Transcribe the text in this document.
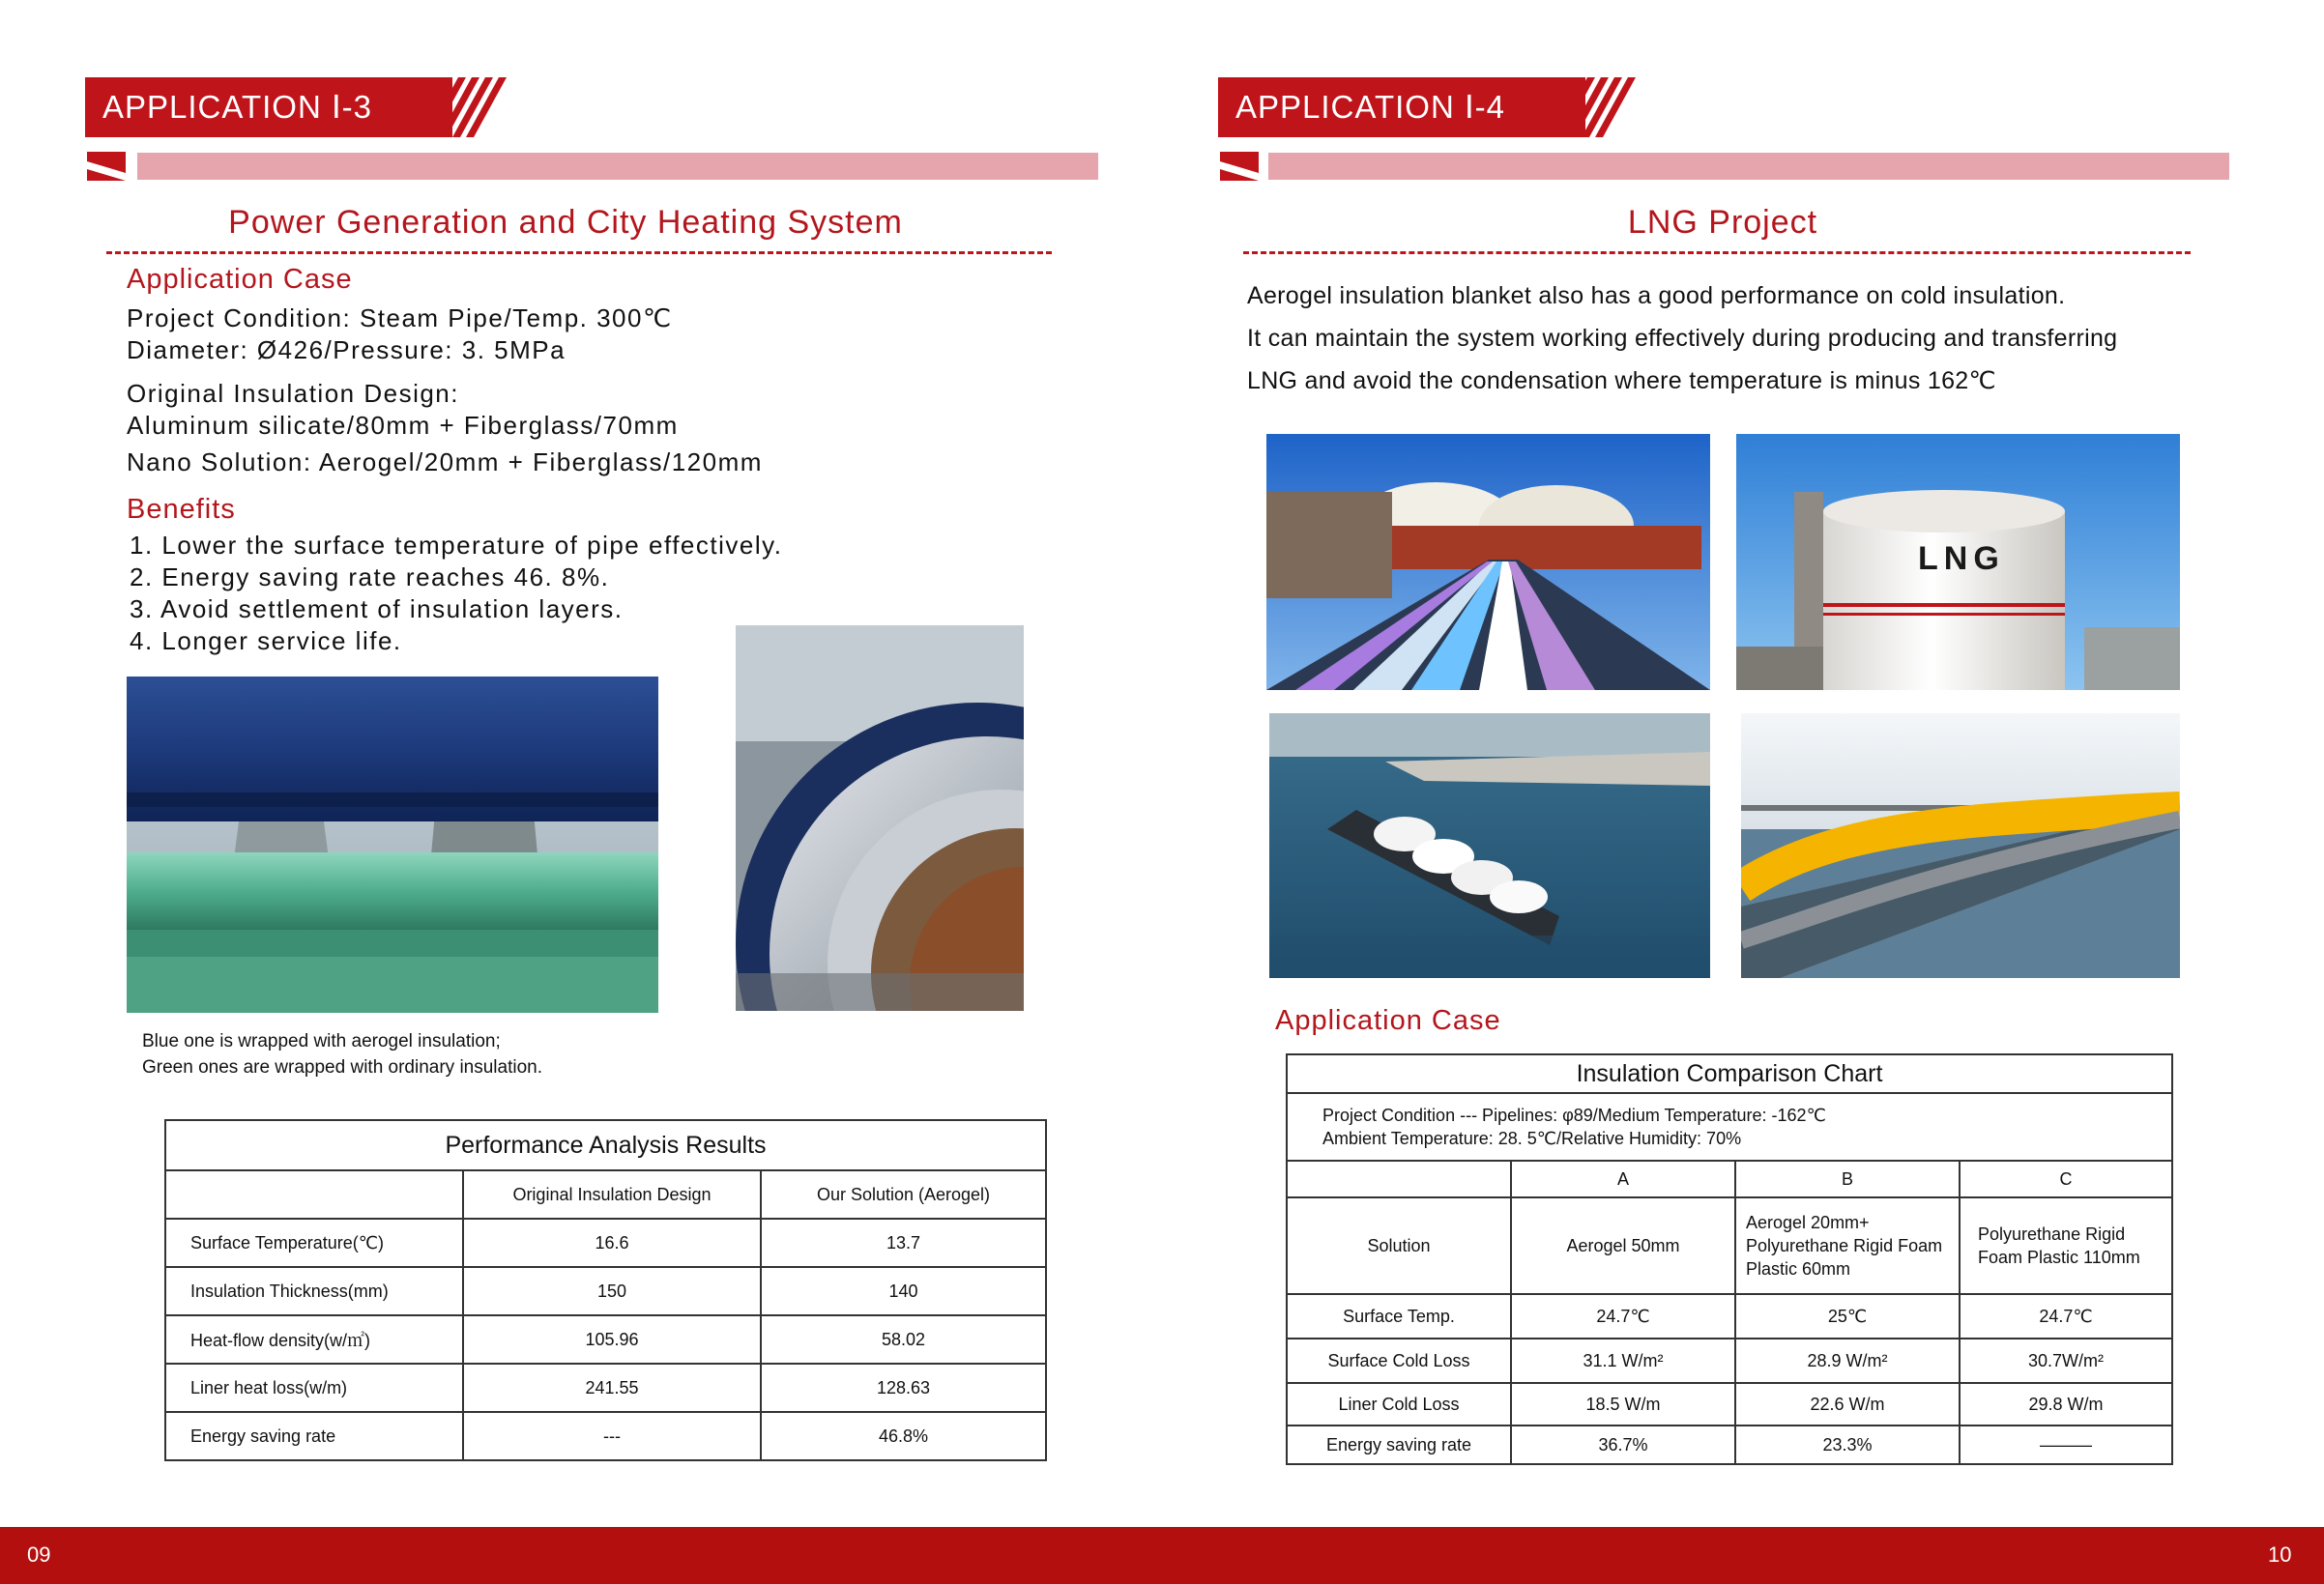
APPLICATION Ⅰ-3
Power Generation and City Heating System
Application Case
Project Condition: Steam Pipe/Temp. 300℃
Diameter: Ø426/Pressure: 3. 5MPa
Original Insulation Design:
Aluminum silicate/80mm + Fiberglass/70mm
Nano Solution: Aerogel/20mm + Fiberglass/120mm
Benefits
1. Lower the surface temperature of pipe effectively.
2. Energy saving rate reaches 46. 8%.
3. Avoid settlement of insulation layers.
4. Longer service life.
Blue one is wrapped with aerogel insulation;
Green ones are wrapped with ordinary insulation.
Performance Analysis Results		
	Original Insulation Design	Our Solution (Aerogel)
Surface Temperature(℃)	16.6	13.7
Insulation Thickness(mm)	150	140
Heat-flow density(w/㎡)	105.96	58.02
Liner heat loss(w/m)	241.55	128.63
Energy saving rate	---	46.8%
APPLICATION Ⅰ-4
LNG Project
Aerogel insulation blanket also has a good performance on cold insulation.
It can maintain the system working effectively during producing and transferring
LNG and avoid the condensation where temperature is minus 162℃
LNG
Application Case
Insulation Comparison Chart			

Project Condition --- Pipelines: φ89/Medium Temperature: -162℃
Ambient Temperature: 28. 5℃/Relative Humidity: 70%			

	A	B	C
Solution	Aerogel 50mm	Aerogel 20mm+ Polyurethane Rigid Foam Plastic 60mm	Polyurethane Rigid Foam Plastic 110mm
Surface Temp.	24.7℃	25℃	24.7℃
Surface Cold Loss	31.1 W/m²	28.9 W/m²	30.7W/m²
Liner Cold Loss	18.5 W/m	22.6 W/m	29.8 W/m
Energy saving rate	36.7%	23.3%	———
09	10
